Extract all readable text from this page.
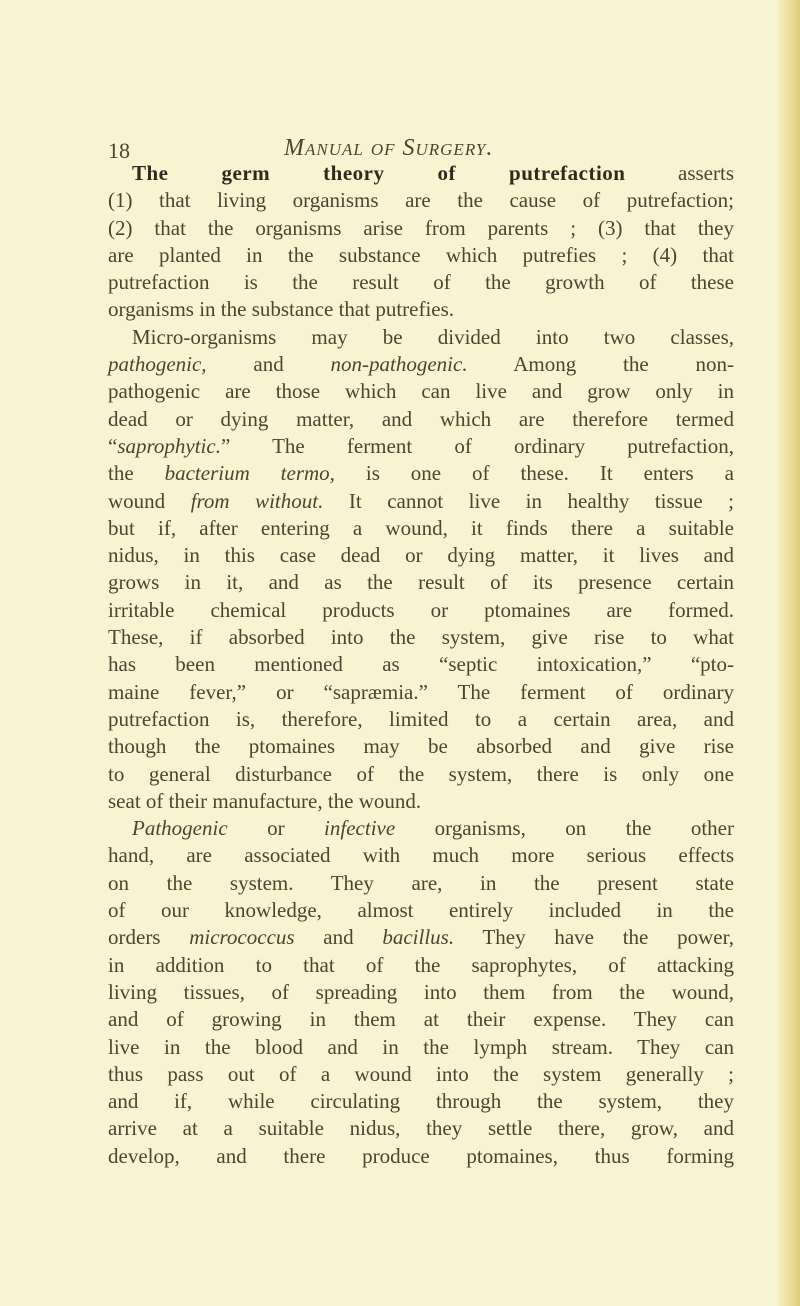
18	Manual of Surgery.
The germ theory of putrefaction asserts
(1) that living organisms are the cause of putrefaction;
(2) that the organisms arise from parents ; (3) that they
are planted in the substance which putrefies ; (4) that
putrefaction is the result of the growth of these
organisms in the substance that putrefies.
Micro-organisms may be divided into two classes,
pathogenic, and non-pathogenic. Among the non-
pathogenic are those which can live and grow only in
dead or dying matter, and which are therefore termed
“saprophytic.” The ferment of ordinary putrefaction,
the bacterium termo, is one of these. It enters a
wound from without. It cannot live in healthy tissue ;
but if, after entering a wound, it finds there a suitable
nidus, in this case dead or dying matter, it lives and
grows in it, and as the result of its presence certain
irritable chemical products or ptomaines are formed.
These, if absorbed into the system, give rise to what
has been mentioned as “septic intoxication,” “pto-
maine fever,” or “sapræmia.” The ferment of ordinary
putrefaction is, therefore, limited to a certain area, and
though the ptomaines may be absorbed and give rise
to general disturbance of the system, there is only one
seat of their manufacture, the wound.
Pathogenic or infective organisms, on the other
hand, are associated with much more serious effects
on the system. They are, in the present state
of our knowledge, almost entirely included in the
orders micrococcus and bacillus. They have the power,
in addition to that of the saprophytes, of attacking
living tissues, of spreading into them from the wound,
and of growing in them at their expense. They can
live in the blood and in the lymph stream. They can
thus pass out of a wound into the system generally ;
and if, while circulating through the system, they
arrive at a suitable nidus, they settle there, grow, and
develop, and there produce ptomaines, thus forming
